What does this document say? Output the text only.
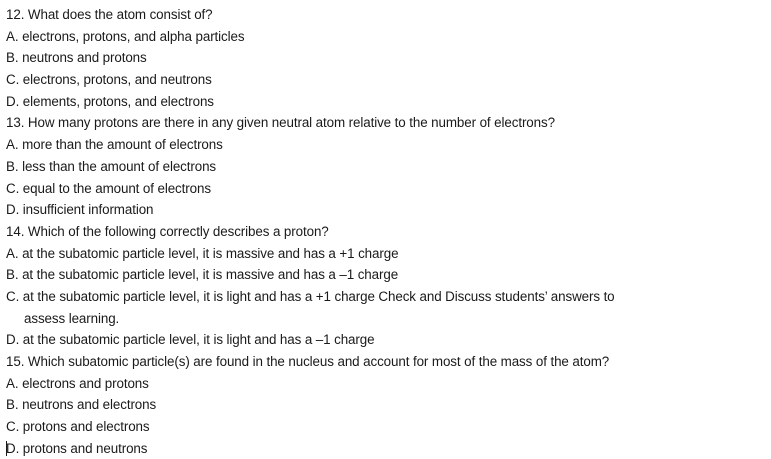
12. What does the atom consist of?
A. electrons, protons, and alpha particles
B. neutrons and protons
C. electrons, protons, and neutrons
D. elements, protons, and electrons
13. How many protons are there in any given neutral atom relative to the number of electrons?
A. more than the amount of electrons
B. less than the amount of electrons
C. equal to the amount of electrons
D. insufficient information
14. Which of the following correctly describes a proton?
A. at the subatomic particle level, it is massive and has a +1 charge
B. at the subatomic particle level, it is massive and has a –1 charge
C. at the subatomic particle level, it is light and has a +1 charge Check and Discuss students’ answers to
assess learning.
D. at the subatomic particle level, it is light and has a –1 charge
15. Which subatomic particle(s) are found in the nucleus and account for most of the mass of the atom?
A. electrons and protons
B. neutrons and electrons
C. protons and electrons
D. protons and neutrons
